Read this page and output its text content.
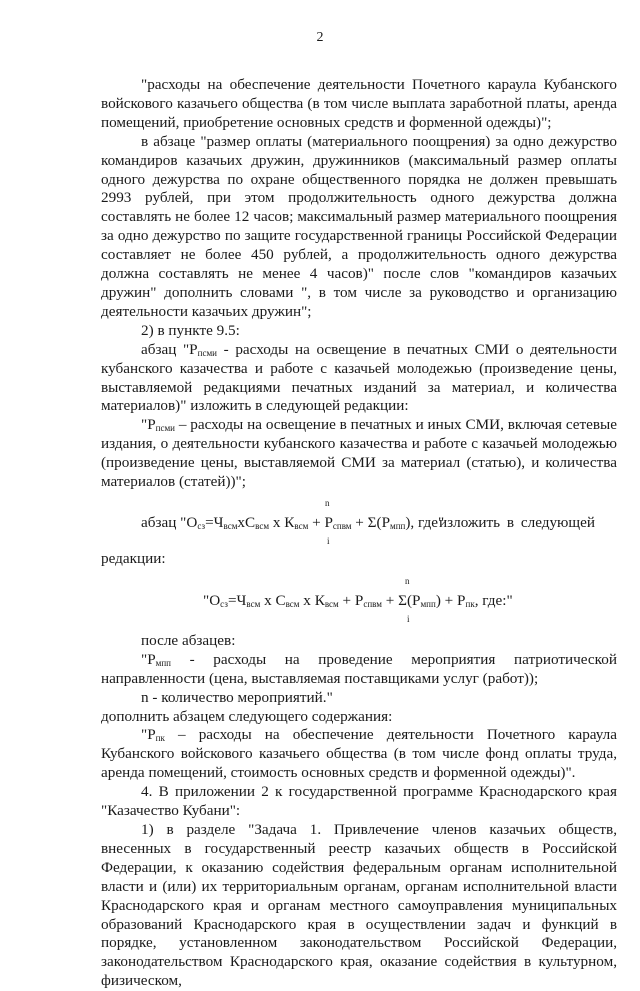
2

"расходы на обеспечение деятельности Почетного караула Кубанского войскового казачьего общества (в том числе выплата заработной платы, аренда помещений, приобретение основных средств и форменной одежды)";

в абзаце "размер оплаты (материального поощрения) за одно дежурство командиров казачьих дружин, дружинников (максимальный размер оплаты одного дежурства по охране общественного порядка не должен превышать 2993 рублей, при этом продолжительность одного дежурства должна составлять не более 12 часов; максимальный размер материального поощрения за одно дежурство по защите государственной границы Российской Федерации составляет не более 450 рублей, а продолжительность одного дежурства должна составлять не менее 4 часов)" после слов "командиров казачьих дружин" дополнить словами ", в том числе за руководство и организацию деятельности казачьих дружин";

2) в пункте 9.5:

абзац "$Р_{псми}$ - расходы на освещение в печатных СМИ о деятельности кубанского казачества и работе с казачьей молодежью (произведение цены, выставляемой редакциями печатных изданий за материал, и количества материалов)" изложить в следующей редакции:

"$Р_{псми}$ – расходы на освещение в печатных и иных СМИ, включая сетевые издания, о деятельности кубанского казачества и работе с казачьей молодежью (произведение цены, выставляемой СМИ за материал (статью), и количества материалов (статей))";

абзац "$О_{сз}=Ч_{всм}xС_{всм}$ x $К_{всм} + Р_{спвм} + \Sigma(Р_{мпп})$, где"
n
i
изложить в следующей

редакции:

"$О_{сз}=Ч_{всм}$ x $С_{всм}$ x $К_{всм} + Р_{спвм} + \Sigma(Р_{мпп}) + Р_{пк}$, где:"
n
i

после абзацев:

"$Р_{мпп}$ - расходы на проведение мероприятия патриотической направленности (цена, выставляемая поставщиками услуг (работ));

n - количество мероприятий."

дополнить абзацем следующего содержания:

"$Р_{пк}$ – расходы на обеспечение деятельности Почетного караула Кубанского войскового казачьего общества (в том числе фонд оплаты труда, аренда помещений, стоимость основных средств и форменной одежды)".

4. В приложении 2 к государственной программе Краснодарского края "Казачество Кубани":

1) в разделе "Задача 1. Привлечение членов казачьих обществ, внесенных в государственный реестр казачьих обществ в Российской Федерации, к оказанию содействия федеральным органам исполнительной власти и (или) их территориальным органам, органам исполнительной власти Краснодарского края и органам местного самоуправления муниципальных образований Краснодарского края в осуществлении задач и функций в порядке, установленном законодательством Российской Федерации, законодательством Краснодарского края, оказание содействия в культурном, физическом,
